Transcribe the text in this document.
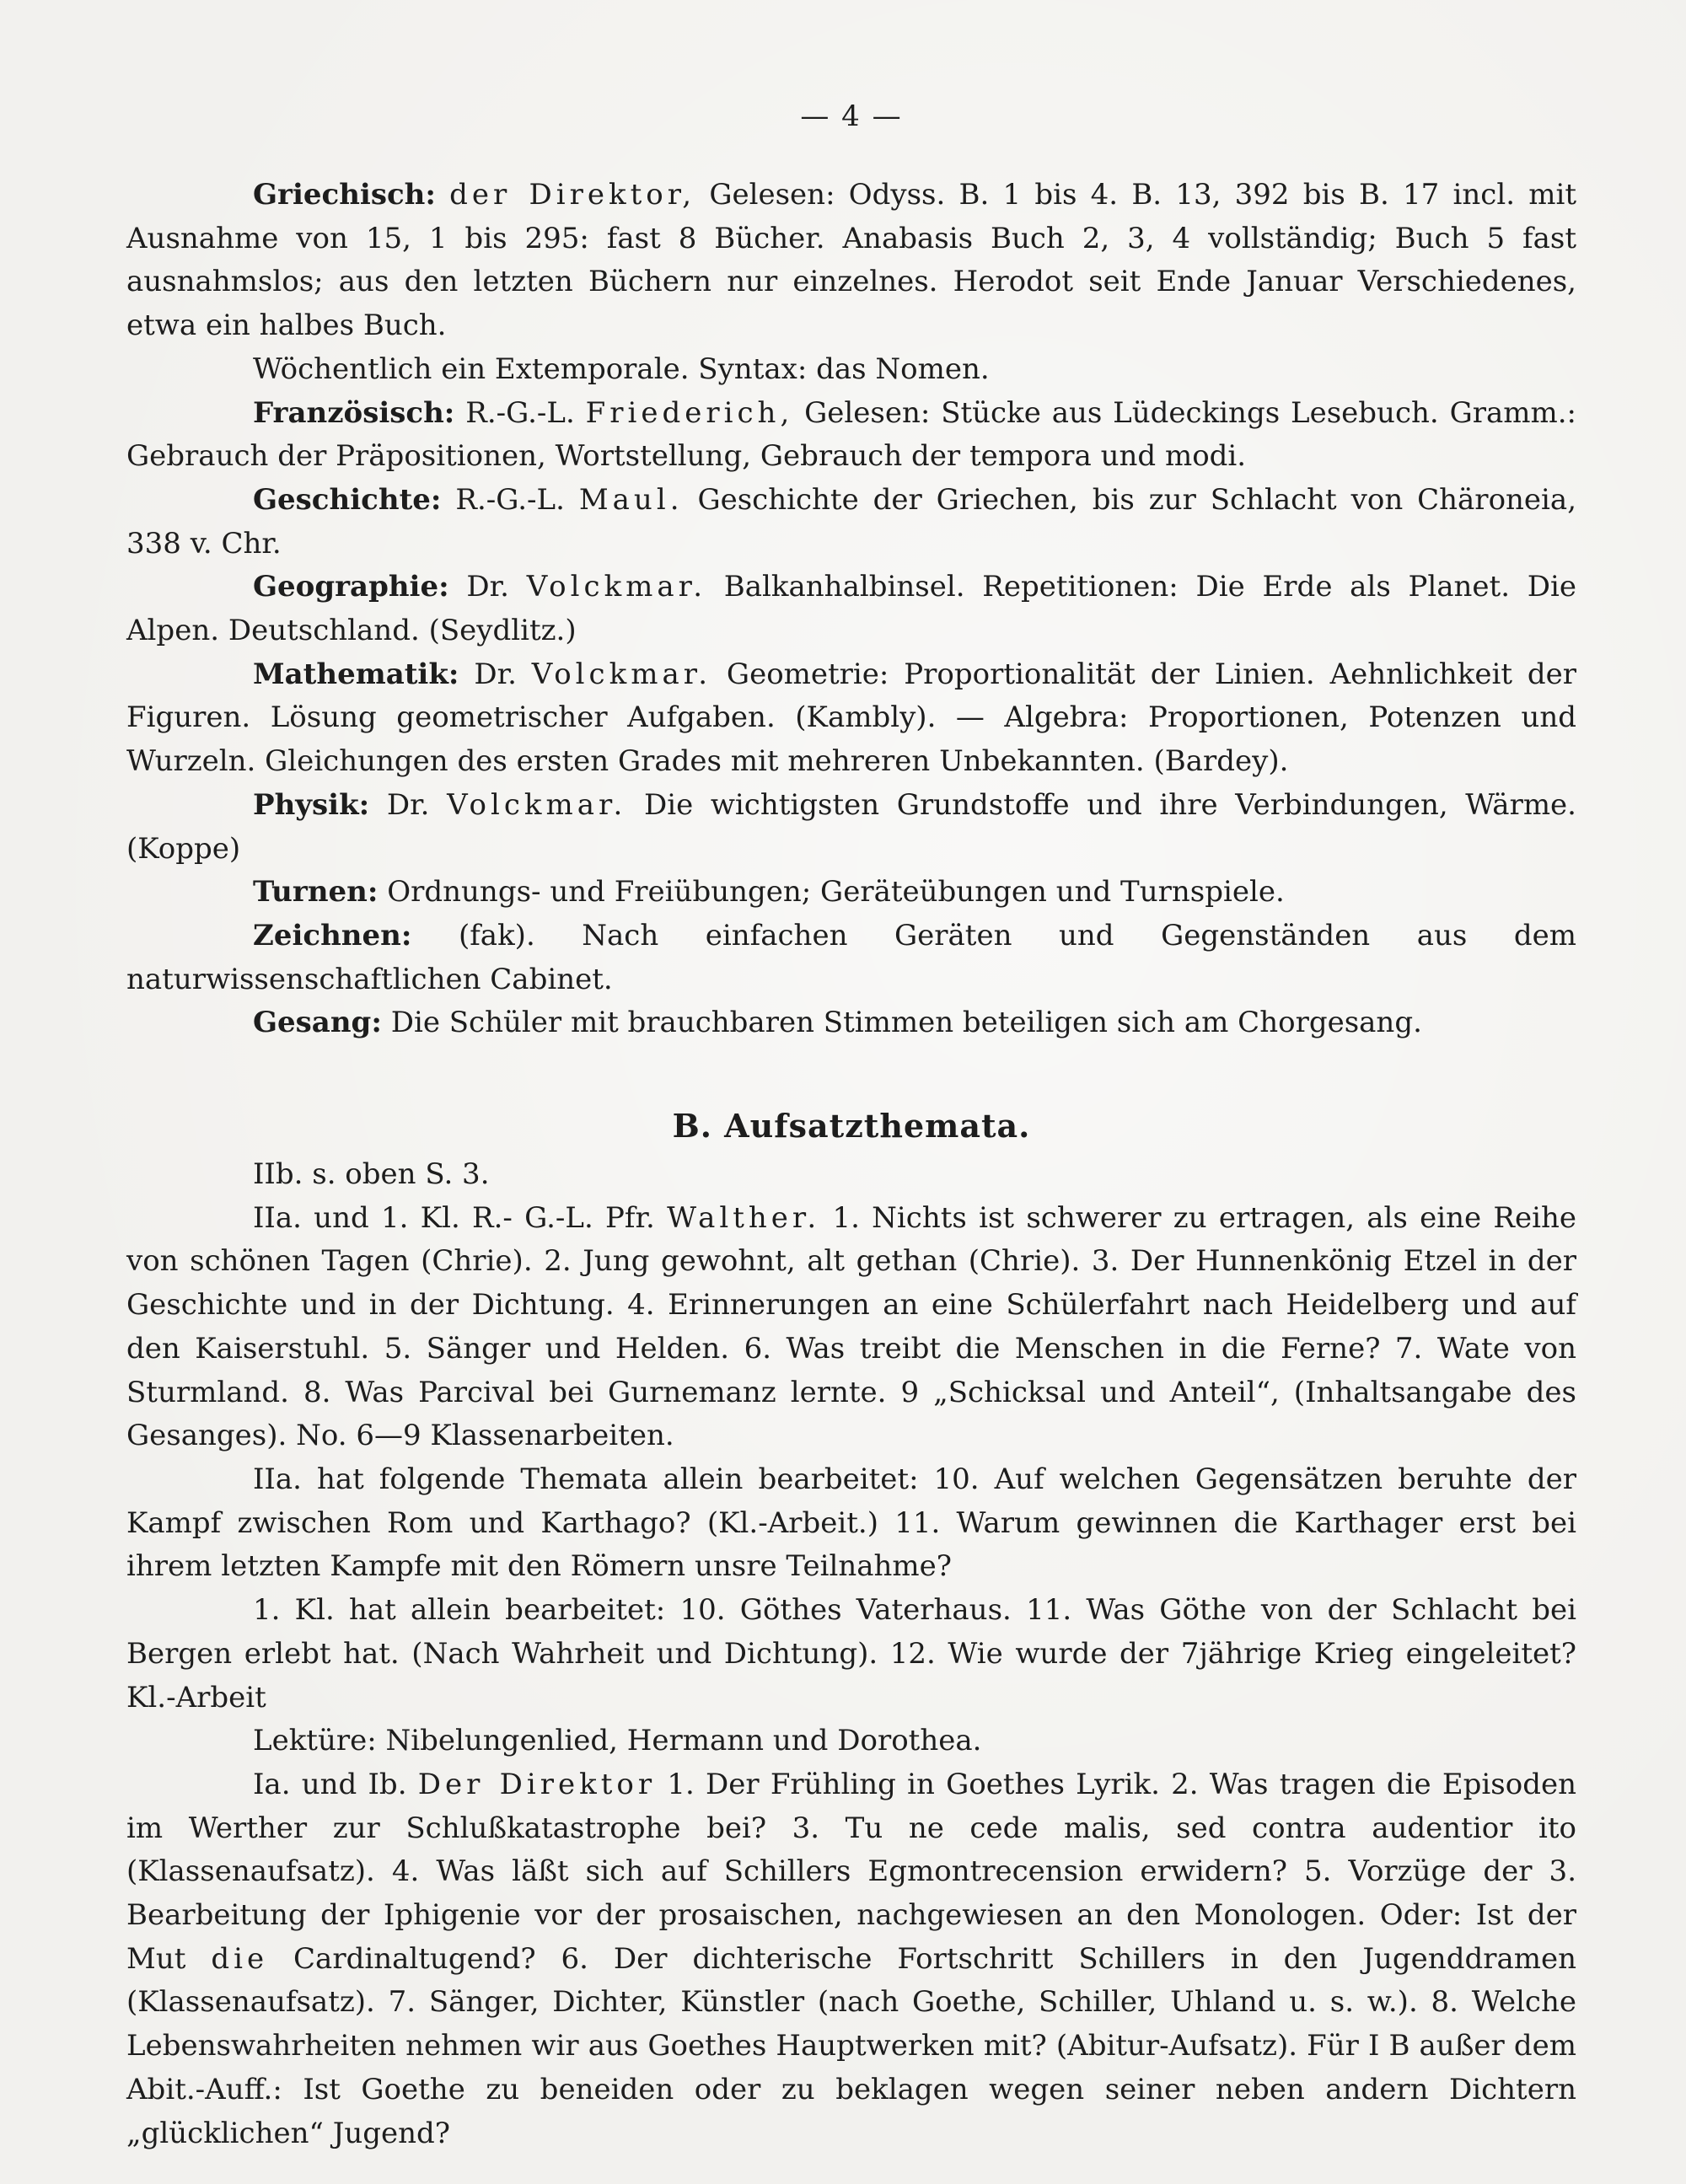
— 4 —

Griechisch: der Direktor, Gelesen: Odyss. B. 1 bis 4. B. 13, 392 bis B. 17 incl. mit Ausnahme von 15, 1 bis 295: fast 8 Bücher. Anabasis Buch 2, 3, 4 vollständig; Buch 5 fast ausnahmslos; aus den letzten Büchern nur einzelnes. Herodot seit Ende Januar Verschiedenes, etwa ein halbes Buch.

Wöchentlich ein Extemporale. Syntax: das Nomen.

Französisch: R.-G.-L. Friederich, Gelesen: Stücke aus Lüdeckings Lesebuch. Gramm.: Gebrauch der Präpositionen, Wortstellung, Gebrauch der tempora und modi.

Geschichte: R.-G.-L. Maul. Geschichte der Griechen, bis zur Schlacht von Chäroneia, 338 v. Chr.

Geographie: Dr. Volckmar. Balkanhalbinsel. Repetitionen: Die Erde als Planet. Die Alpen. Deutschland. (Seydlitz.)

Mathematik: Dr. Volckmar. Geometrie: Proportionalität der Linien. Aehnlichkeit der Figuren. Lösung geometrischer Aufgaben. (Kambly). — Algebra: Proportionen, Potenzen und Wurzeln. Gleichungen des ersten Grades mit mehreren Unbekannten. (Bardey).

Physik: Dr. Volckmar. Die wichtigsten Grundstoffe und ihre Verbindungen, Wärme. (Koppe)

Turnen: Ordnungs- und Freiübungen; Geräteübungen und Turnspiele.

Zeichnen: (fak). Nach einfachen Geräten und Gegenständen aus dem naturwissenschaftlichen Cabinet.

Gesang: Die Schüler mit brauchbaren Stimmen beteiligen sich am Chorgesang.

B. Aufsatzthemata.

IIb. s. oben S. 3.

IIa. und 1. Kl. R.- G.-L. Pfr. Walther. 1. Nichts ist schwerer zu ertragen, als eine Reihe von schönen Tagen (Chrie). 2. Jung gewohnt, alt gethan (Chrie). 3. Der Hunnenkönig Etzel in der Geschichte und in der Dichtung. 4. Erinnerungen an eine Schülerfahrt nach Heidelberg und auf den Kaiserstuhl. 5. Sänger und Helden. 6. Was treibt die Menschen in die Ferne? 7. Wate von Sturmland. 8. Was Parcival bei Gurnemanz lernte. 9 „Schicksal und Anteil“, (Inhaltsangabe des Gesanges). No. 6—9 Klassenarbeiten.

IIa. hat folgende Themata allein bearbeitet: 10. Auf welchen Gegensätzen beruhte der Kampf zwischen Rom und Karthago? (Kl.-Arbeit.) 11. Warum gewinnen die Karthager erst bei ihrem letzten Kampfe mit den Römern unsre Teilnahme?

1. Kl. hat allein bearbeitet: 10. Göthes Vaterhaus. 11. Was Göthe von der Schlacht bei Bergen erlebt hat. (Nach Wahrheit und Dichtung). 12. Wie wurde der 7jährige Krieg eingeleitet? Kl.-Arbeit

Lektüre: Nibelungenlied, Hermann und Dorothea.

Ia. und Ib. Der Direktor 1. Der Frühling in Goethes Lyrik. 2. Was tragen die Episoden im Werther zur Schlußkatastrophe bei? 3. Tu ne cede malis, sed contra audentior ito (Klassenaufsatz). 4. Was läßt sich auf Schillers Egmontrecension erwidern? 5. Vorzüge der 3. Bearbeitung der Iphigenie vor der prosaischen, nachgewiesen an den Monologen. Oder: Ist der Mut die Cardinaltugend? 6. Der dichterische Fortschritt Schillers in den Jugenddramen (Klassenaufsatz). 7. Sänger, Dichter, Künstler (nach Goethe, Schiller, Uhland u. s. w.). 8. Welche Lebenswahrheiten nehmen wir aus Goethes Hauptwerken mit? (Abitur-Aufsatz). Für I B außer dem Abit.-Auff.: Ist Goethe zu beneiden oder zu beklagen wegen seiner neben andern Dichtern „glücklichen“ Jugend?
